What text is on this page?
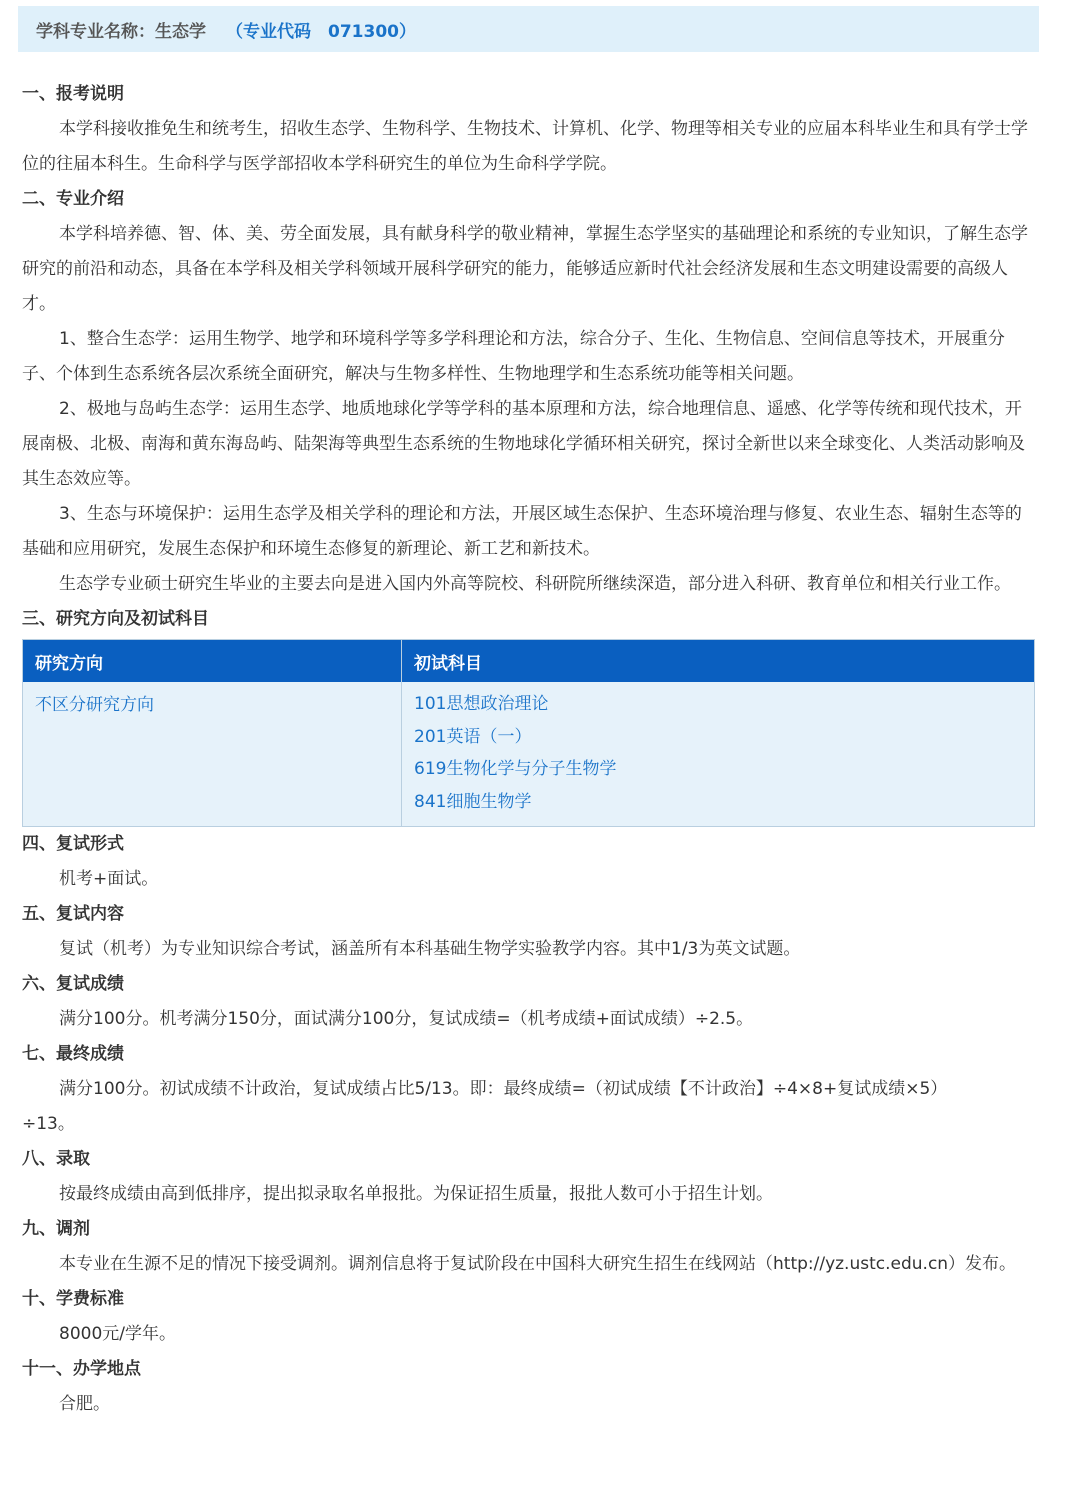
学科专业名称：生态学 （专业代码　071300）
一、报考说明
本学科接收推免生和统考生，招收生态学、生物科学、生物技术、计算机、化学、物理等相关专业的应届本科毕业生和具有学士学位的往届本科生。生命科学与医学部招收本学科研究生的单位为生命科学学院。
二、专业介绍
本学科培养德、智、体、美、劳全面发展，具有献身科学的敬业精神，掌握生态学坚实的基础理论和系统的专业知识，了解生态学研究的前沿和动态，具备在本学科及相关学科领域开展科学研究的能力，能够适应新时代社会经济发展和生态文明建设需要的高级人才。
1、整合生态学：运用生物学、地学和环境科学等多学科理论和方法，综合分子、生化、生物信息、空间信息等技术，开展重分子、个体到生态系统各层次系统全面研究，解决与生物多样性、生物地理学和生态系统功能等相关问题。
2、极地与岛屿生态学：运用生态学、地质地球化学等学科的基本原理和方法，综合地理信息、遥感、化学等传统和现代技术，开展南极、北极、南海和黄东海岛屿、陆架海等典型生态系统的生物地球化学循环相关研究，探讨全新世以来全球变化、人类活动影响及其生态效应等。
3、生态与环境保护：运用生态学及相关学科的理论和方法，开展区域生态保护、生态环境治理与修复、农业生态、辐射生态等的基础和应用研究，发展生态保护和环境生态修复的新理论、新工艺和新技术。
生态学专业硕士研究生毕业的主要去向是进入国内外高等院校、科研院所继续深造，部分进入科研、教育单位和相关行业工作。
三、研究方向及初试科目
研究方向	初试科目
不区分研究方向	101思想政治理论
201英语（一）
619生物化学与分子生物学
841细胞生物学
四、复试形式
机考+面试。
五、复试内容
复试（机考）为专业知识综合考试，涵盖所有本科基础生物学实验教学内容。其中1/3为英文试题。
六、复试成绩
满分100分。机考满分150分，面试满分100分，复试成绩=（机考成绩+面试成绩）÷2.5。
七、最终成绩
满分100分。初试成绩不计政治，复试成绩占比5/13。即：最终成绩=（初试成绩【不计政治】÷4×8+复试成绩×5）÷13。
八、录取
按最终成绩由高到低排序，提出拟录取名单报批。为保证招生质量，报批人数可小于招生计划。
九、调剂
本专业在生源不足的情况下接受调剂。调剂信息将于复试阶段在中国科大研究生招生在线网站（http://yz.ustc.edu.cn）发布。
十、学费标准
8000元/学年。
十一、办学地点
合肥。
